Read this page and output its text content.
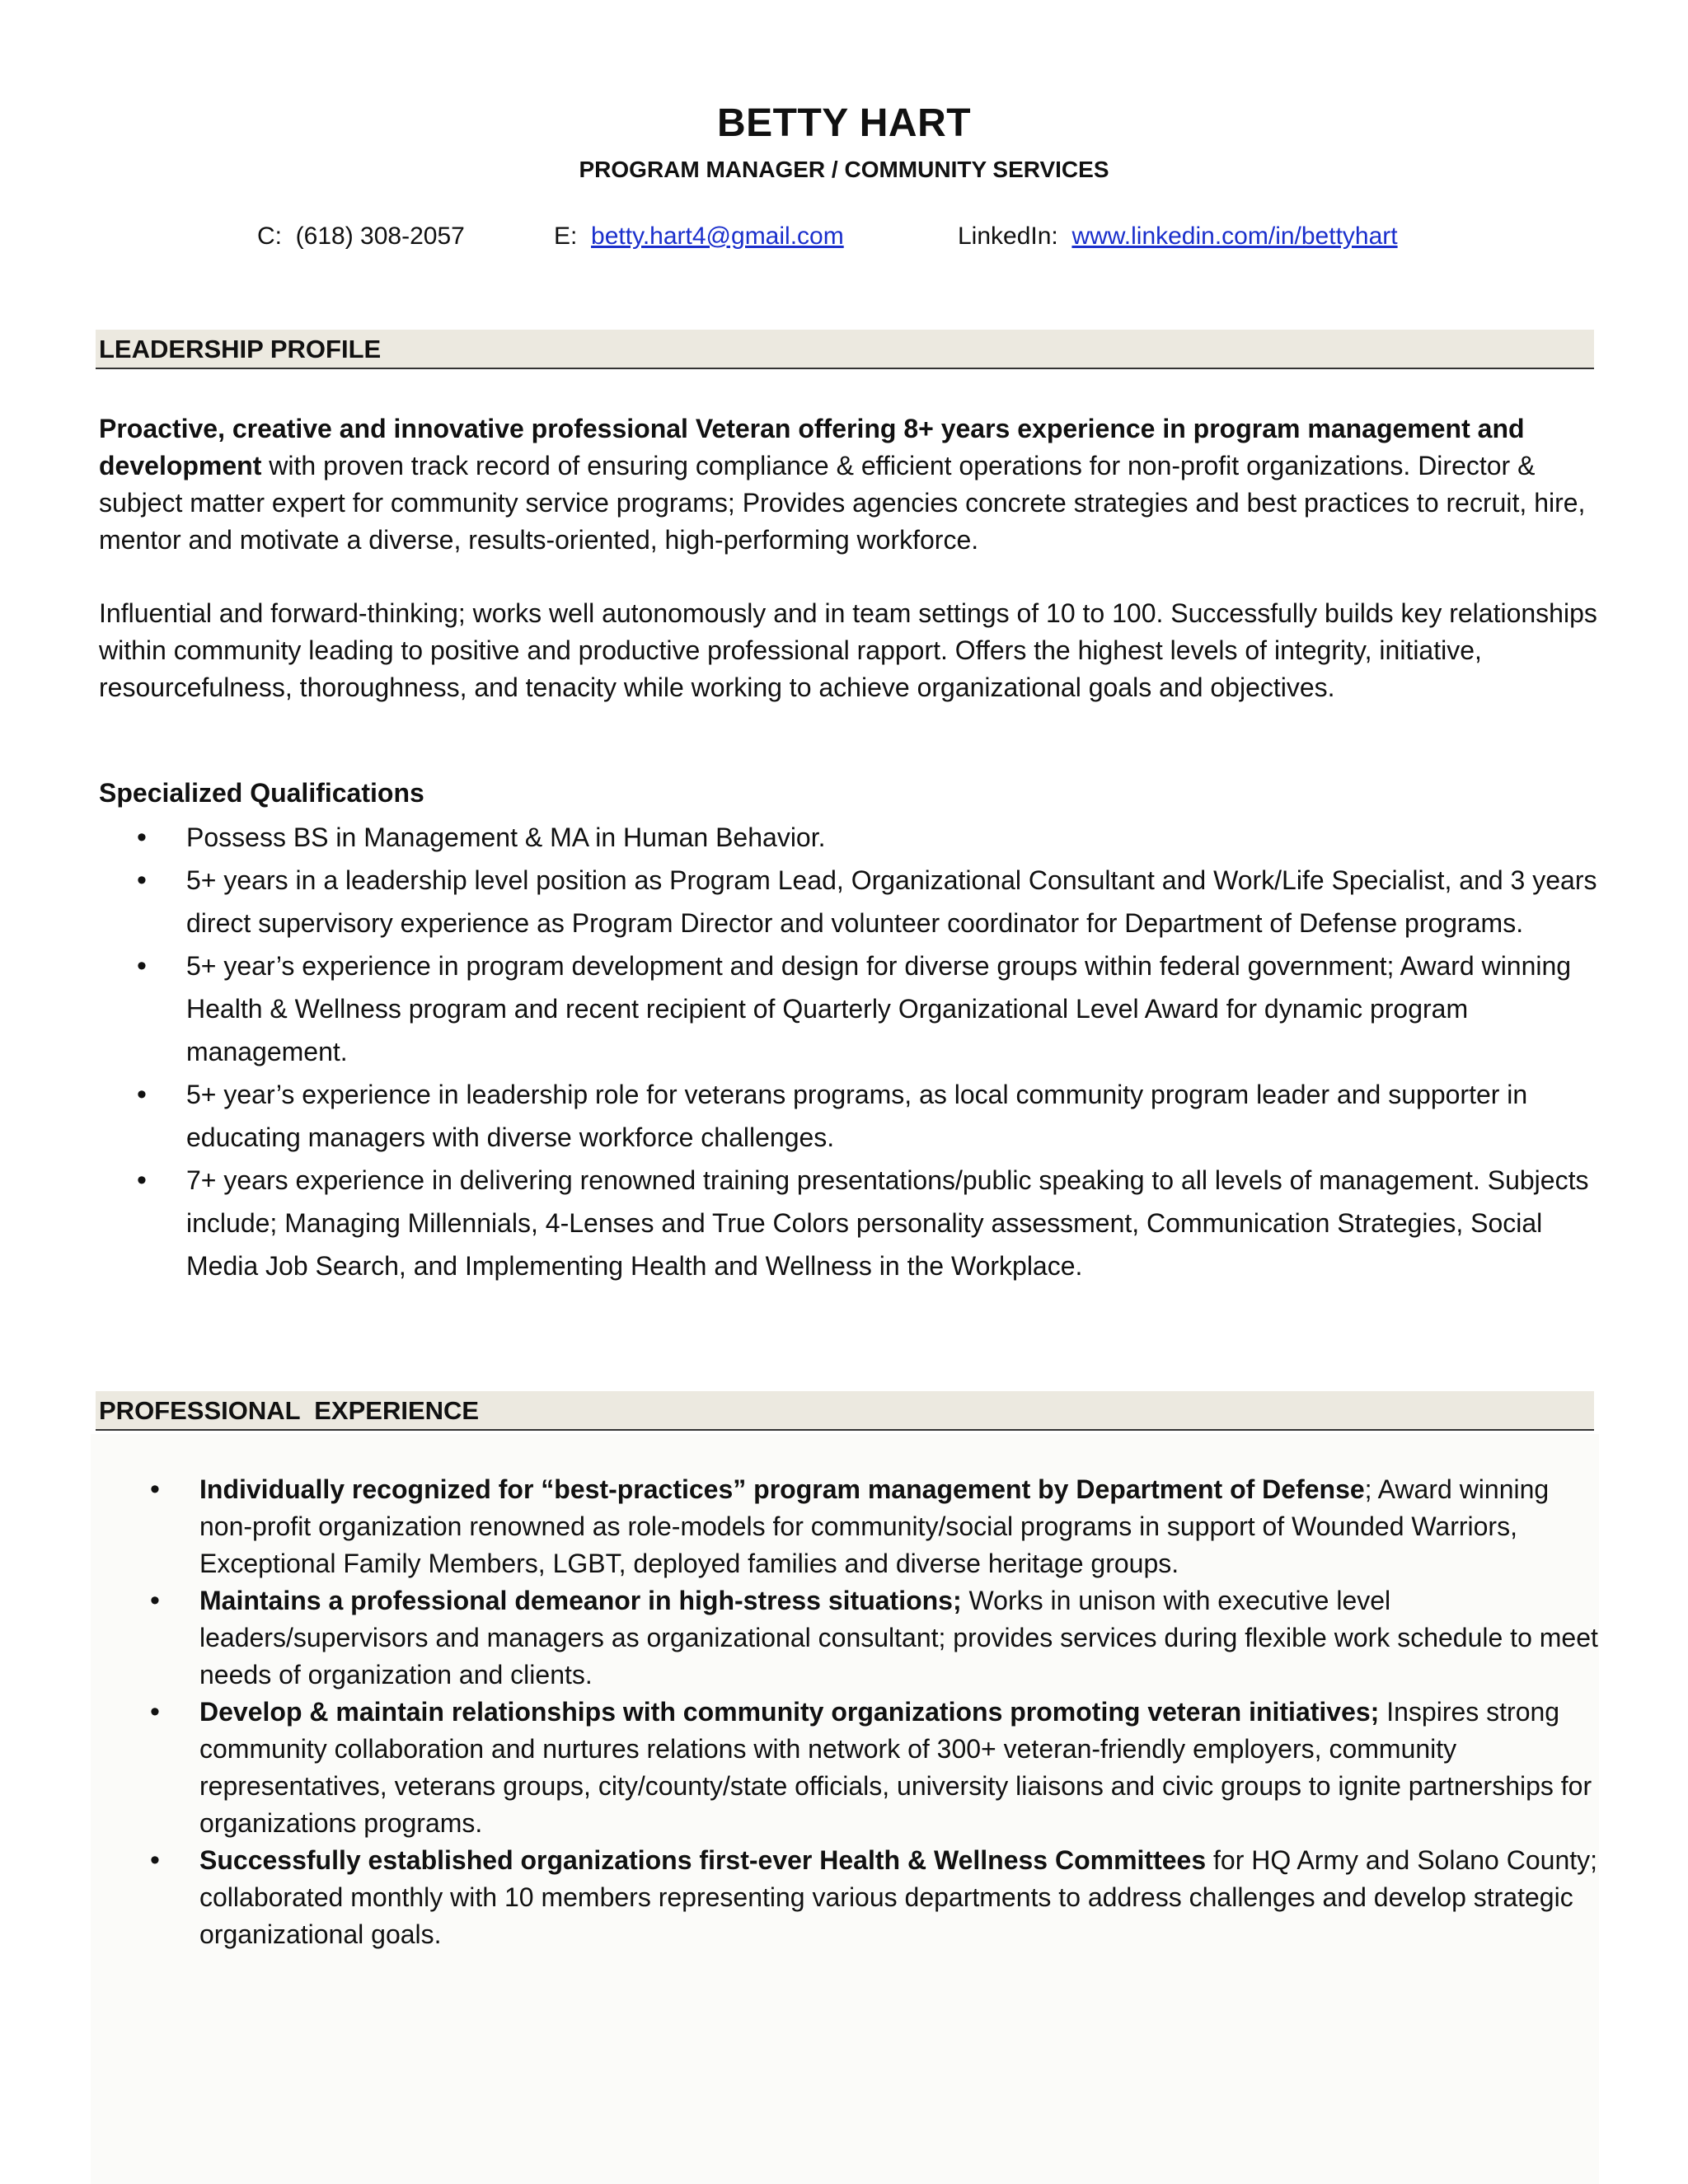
BETTY HART
PROGRAM MANAGER / COMMUNITY SERVICES
C: (618) 308-2057	E: betty.hart4@gmail.com	LinkedIn: www.linkedin.com/in/bettyhart
LEADERSHIP PROFILE

Proactive, creative and innovative professional Veteran offering 8+ years experience in program management and development with proven track record of ensuring compliance & efficient operations for non-profit organizations. Director & subject matter expert for community service programs; Provides agencies concrete strategies and best practices to recruit, hire, mentor and motivate a diverse, results-oriented, high-performing workforce.

Influential and forward-thinking; works well autonomously and in team settings of 10 to 100. Successfully builds key relationships within community leading to positive and productive professional rapport. Offers the highest levels of integrity, initiative, resourcefulness, thoroughness, and tenacity while working to achieve organizational goals and objectives.

Specialized Qualifications

• Possess BS in Management & MA in Human Behavior.
• 5+ years in a leadership level position as Program Lead, Organizational Consultant and Work/Life Specialist, and 3 years direct supervisory experience as Program Director and volunteer coordinator for Department of Defense programs.
• 5+ year’s experience in program development and design for diverse groups within federal government; Award winning Health & Wellness program and recent recipient of Quarterly Organizational Level Award for dynamic program management.
• 5+ year’s experience in leadership role for veterans programs, as local community program leader and supporter in educating managers with diverse workforce challenges.
• 7+ years experience in delivering renowned training presentations/public speaking to all levels of management. Subjects include; Managing Millennials, 4-Lenses and True Colors personality assessment, Communication Strategies, Social Media Job Search, and Implementing Health and Wellness in the Workplace.
PROFESSIONAL  EXPERIENCE
• Individually recognized for “best-practices” program management by Department of Defense; Award winning non-profit organization renowned as role-models for community/social programs in support of Wounded Warriors, Exceptional Family Members, LGBT, deployed families and diverse heritage groups.
• Maintains a professional demeanor in high-stress situations; Works in unison with executive level leaders/supervisors and managers as organizational consultant; provides services during flexible work schedule to meet needs of organization and clients.
• Develop & maintain relationships with community organizations promoting veteran initiatives; Inspires strong community collaboration and nurtures relations with network of 300+ veteran-friendly employers, community representatives, veterans groups, city/county/state officials, university liaisons and civic groups to ignite partnerships for organizations programs.
• Successfully established organizations first-ever Health & Wellness Committees for HQ Army and Solano County; collaborated monthly with 10 members representing various departments to address challenges and develop strategic organizational goals.
